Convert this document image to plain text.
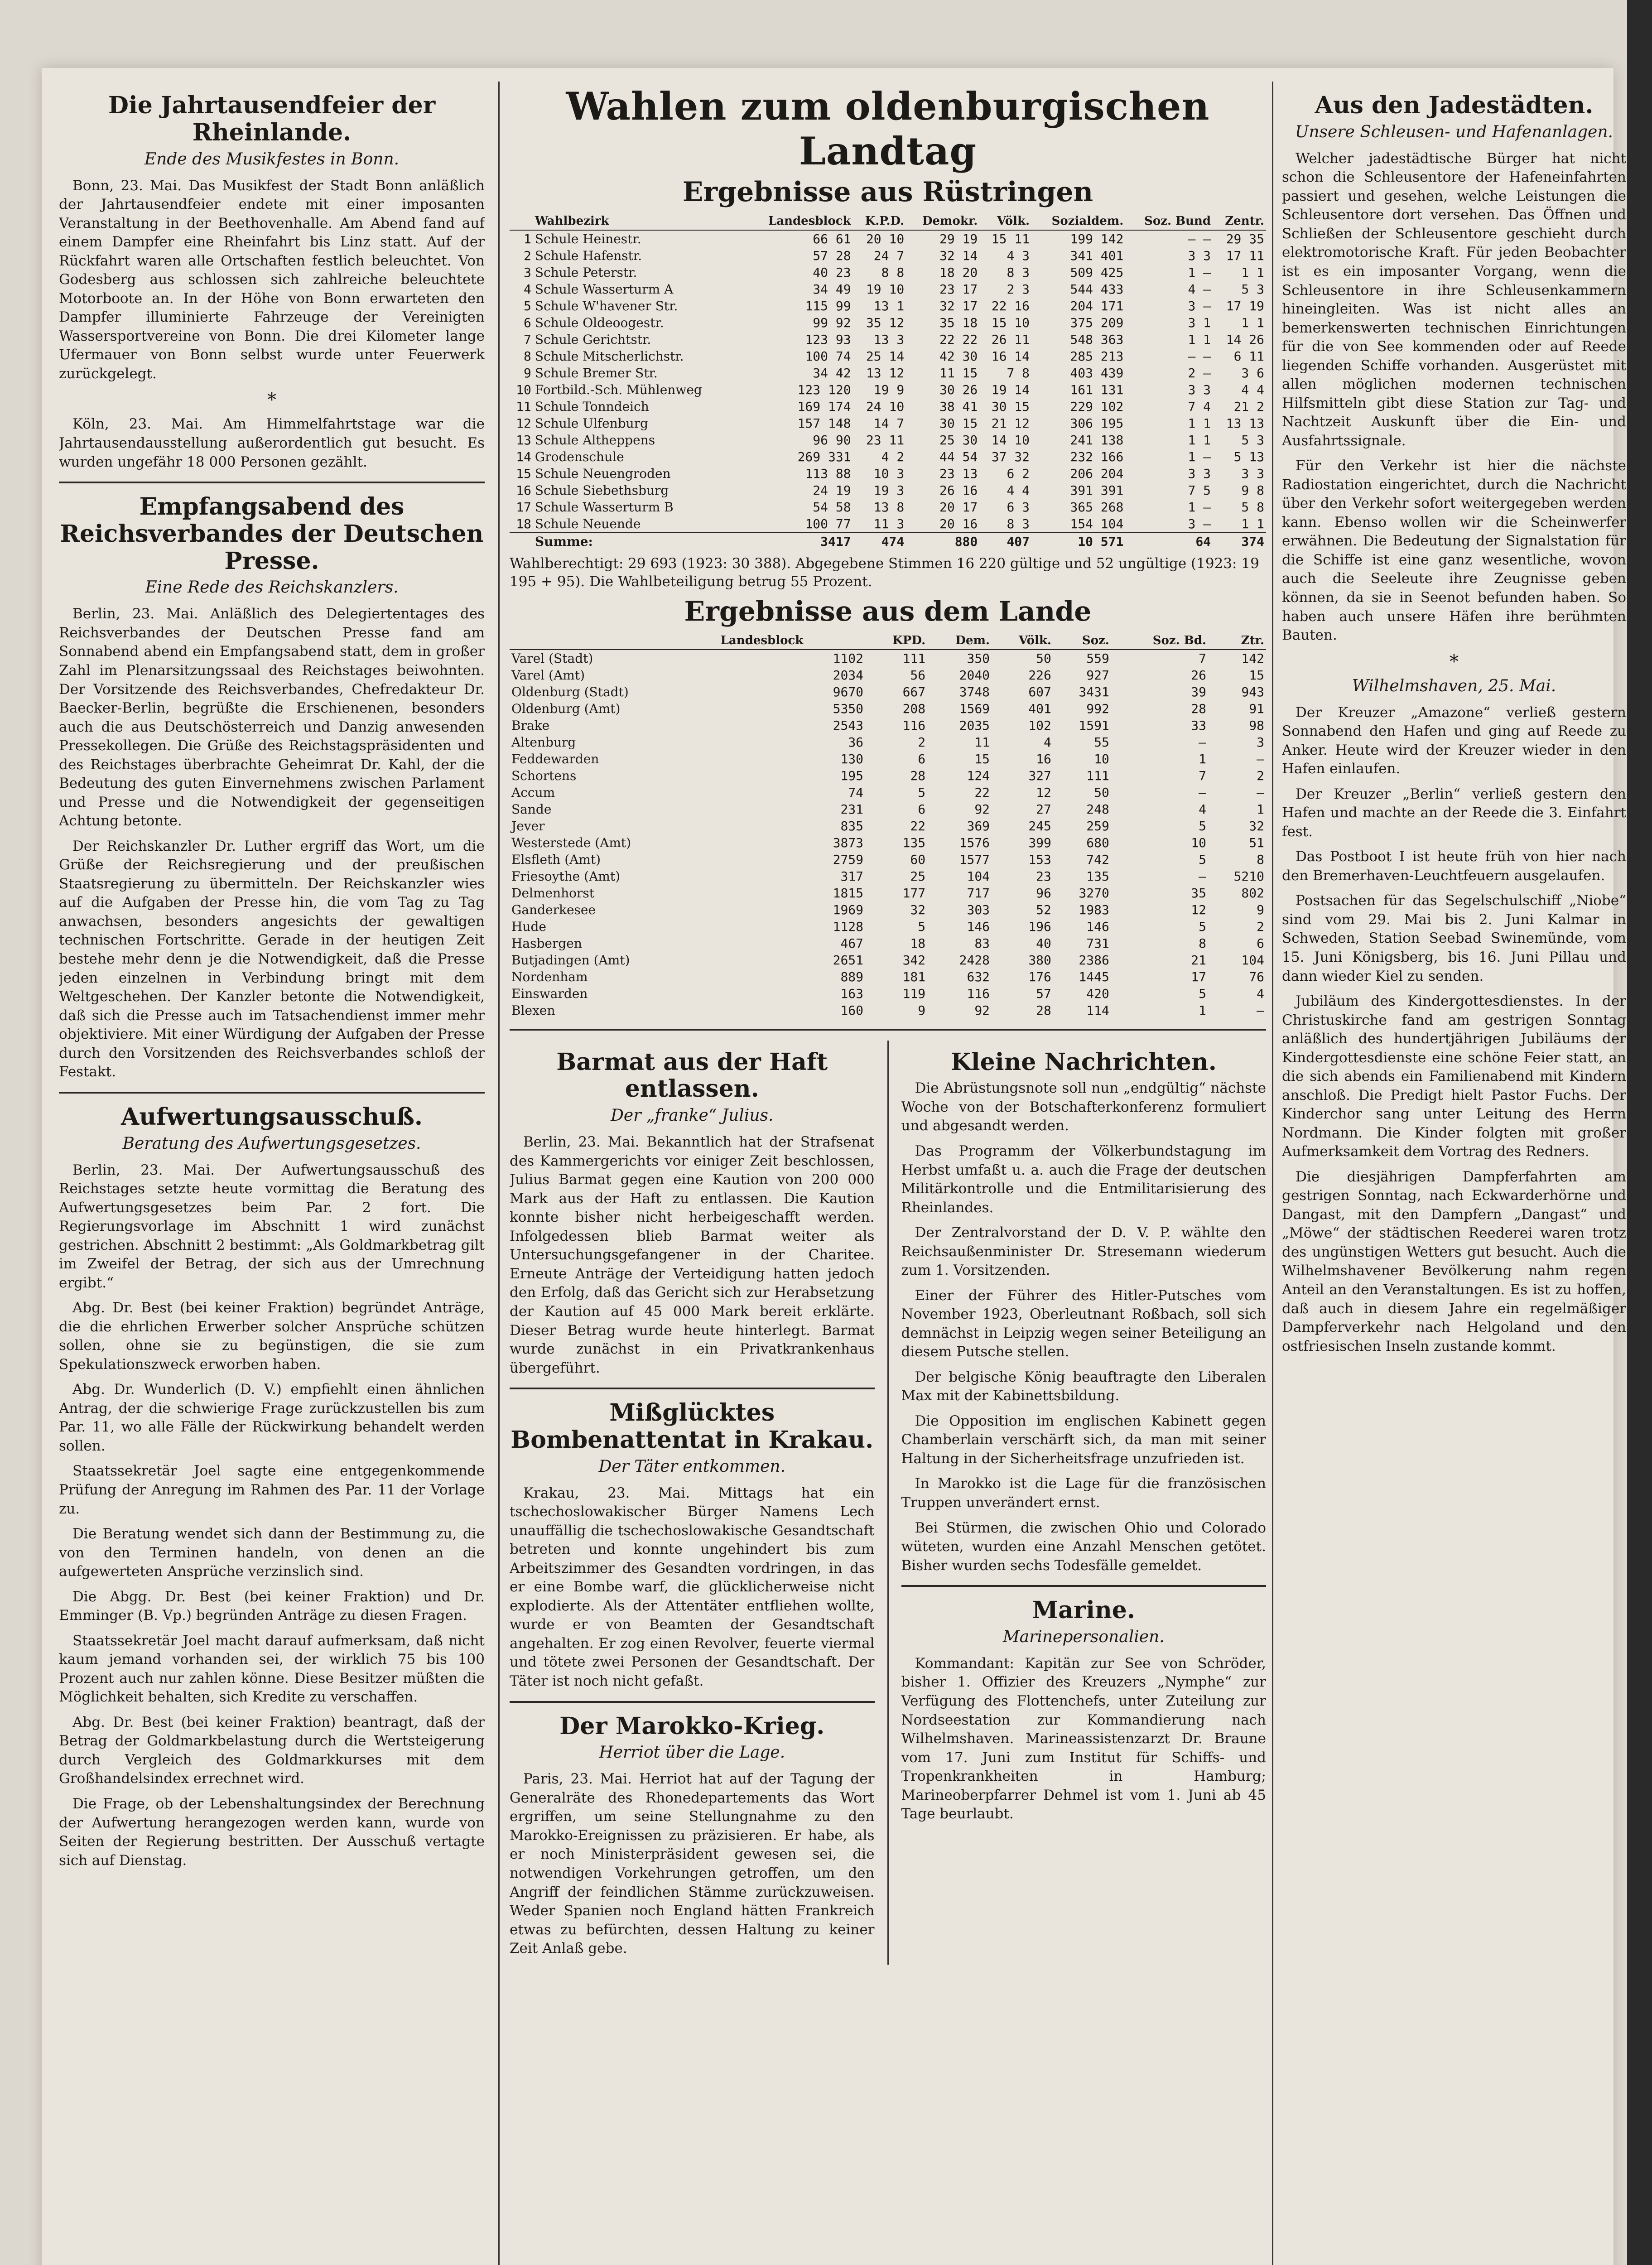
Die Jahrtausendfeier der Rheinlande.
Ende des Musikfestes in Bonn.

Bonn, 23. Mai. Das Musikfest der Stadt Bonn anläßlich der Jahrtausendfeier endete mit einer imposanten Veranstaltung in der Beethovenhalle. Am Abend fand auf einem Dampfer eine Rheinfahrt bis Linz statt. Auf der Rückfahrt waren alle Ortschaften festlich beleuchtet. Von Godesberg aus schlossen sich zahlreiche beleuchtete Motorboote an. In der Höhe von Bonn erwarteten den Dampfer illuminierte Fahrzeuge der Vereinigten Wassersportvereine von Bonn. Die drei Kilometer lange Ufermauer von Bonn selbst wurde unter Feuerwerk zurückgelegt.

*

Köln, 23. Mai. Am Himmelfahrtstage war die Jahrtausendausstellung außerordentlich gut besucht. Es wurden ungefähr 18 000 Personen gezählt.

Empfangsabend des Reichsverbandes der Deutschen Presse.
Eine Rede des Reichskanzlers.

Berlin, 23. Mai. Anläßlich des Delegiertentages des Reichsverbandes der Deutschen Presse fand am Sonnabend abend ein Empfangsabend statt, dem in großer Zahl im Plenarsitzungssaal des Reichstages beiwohnten. Der Vorsitzende des Reichsverbandes, Chefredakteur Dr. Baecker-Berlin, begrüßte die Erschienenen, besonders auch die aus Deutschösterreich und Danzig anwesenden Pressekollegen. Die Grüße des Reichstagspräsidenten und des Reichstages überbrachte Geheimrat Dr. Kahl, der die Bedeutung des guten Einvernehmens zwischen Parlament und Presse und die Notwendigkeit der gegenseitigen Achtung betonte.

Der Reichskanzler Dr. Luther ergriff das Wort, um die Grüße der Reichsregierung und der preußischen Staatsregierung zu übermitteln. Der Reichskanzler wies auf die Aufgaben der Presse hin, die vom Tag zu Tag anwachsen, besonders angesichts der gewaltigen technischen Fortschritte. Gerade in der heutigen Zeit bestehe mehr denn je die Notwendigkeit, daß die Presse jeden einzelnen in Verbindung bringt mit dem Weltgeschehen. Der Kanzler betonte die Notwendigkeit, daß sich die Presse auch im Tatsachendienst immer mehr objektiviere. Mit einer Würdigung der Aufgaben der Presse durch den Vorsitzenden des Reichsverbandes schloß der Festakt.

Aufwertungsausschuß.
Beratung des Aufwertungsgesetzes.

Berlin, 23. Mai. Der Aufwertungsausschuß des Reichstages setzte heute vormittag die Beratung des Aufwertungsgesetzes beim Par. 2 fort. Die Regierungsvorlage im Abschnitt 1 wird zunächst gestrichen. Abschnitt 2 bestimmt: „Als Goldmarkbetrag gilt im Zweifel der Betrag, der sich aus der Umrechnung ergibt.“

Abg. Dr. Best (bei keiner Fraktion) begründet Anträge, die die ehrlichen Erwerber solcher Ansprüche schützen sollen, ohne sie zu begünstigen, die sie zum Spekulationszweck erworben haben.

Abg. Dr. Wunderlich (D. V.) empfiehlt einen ähnlichen Antrag, der die schwierige Frage zurückzustellen bis zum Par. 11, wo alle Fälle der Rückwirkung behandelt werden sollen.

Staatssekretär Joel sagte eine entgegenkommende Prüfung der Anregung im Rahmen des Par. 11 der Vorlage zu.

Die Beratung wendet sich dann der Bestimmung zu, die von den Terminen handeln, von denen an die aufgewerteten Ansprüche verzinslich sind.

Die Abgg. Dr. Best (bei keiner Fraktion) und Dr. Emminger (B. Vp.) begründen Anträge zu diesen Fragen.

Staatssekretär Joel macht darauf aufmerksam, daß nicht kaum jemand vorhanden sei, der wirklich 75 bis 100 Prozent auch nur zahlen könne. Diese Besitzer müßten die Möglichkeit behalten, sich Kredite zu verschaffen.

Abg. Dr. Best (bei keiner Fraktion) beantragt, daß der Betrag der Goldmarkbelastung durch die Wertsteigerung durch Vergleich des Goldmarkkurses mit dem Großhandelsindex errechnet wird.

Die Frage, ob der Lebenshaltungsindex der Berechnung der Aufwertung herangezogen werden kann, wurde von Seiten der Regierung bestritten. Der Ausschuß vertagte sich auf Dienstag.

Wahlen zum oldenburgischen Landtag
Ergebnisse aus Rüstringen
	Wahlbezirk	Landesblock	K.P.D.	Demokr.	Völk.	Sozialdem.	Soz. Bund	Zentr.
1	Schule Heinestr.	66 61	20 10	29 19	15 11	199 142	— —	29 35
2	Schule Hafenstr.	57 28	24 7	32 14	4 3	341 401	3 3	17 11
3	Schule Peterstr.	40 23	8 8	18 20	8 3	509 425	1 —	1 1
4	Schule Wasserturm A	34 49	19 10	23 17	2 3	544 433	4 —	5 3
5	Schule W'havener Str.	115 99	13 1	32 17	22 16	204 171	3 —	17 19
6	Schule Oldeoogestr.	99 92	35 12	35 18	15 10	375 209	3 1	1 1
7	Schule Gerichtstr.	123 93	13 3	22 22	26 11	548 363	1 1	14 26
8	Schule Mitscherlichstr.	100 74	25 14	42 30	16 14	285 213	— —	6 11
9	Schule Bremer Str.	34 42	13 12	11 15	7 8	403 439	2 —	3 6
10	Fortbild.-Sch. Mühlenweg	123 120	19 9	30 26	19 14	161 131	3 3	4 4
11	Schule Tonndeich	169 174	24 10	38 41	30 15	229 102	7 4	21 2
12	Schule Ulfenburg	157 148	14 7	30 15	21 12	306 195	1 1	13 13
13	Schule Altheppens	96 90	23 11	25 30	14 10	241 138	1 1	5 3
14	Grodenschule	269 331	4 2	44 54	37 32	232 166	1 —	5 13
15	Schule Neuengroden	113 88	10 3	23 13	6 2	206 204	3 3	3 3
16	Schule Siebethsburg	24 19	19 3	26 16	4 4	391 391	7 5	9 8
17	Schule Wasserturm B	54 58	13 8	20 17	6 3	365 268	1 —	5 8
18	Schule Neuende	100 77	11 3	20 16	8 3	154 104	3 —	1 1
	Summe:	3417	474	880	407	10 571	64	374
Wahlberechtigt: 29 693 (1923: 30 388). Abgegebene Stimmen 16 220 gültige und 52 ungültige (1923: 19 195 + 95). Die Wahlbeteiligung betrug 55 Prozent.
Ergebnisse aus dem Lande
	Landesblock	KPD.	Dem.	Völk.	Soz.	Soz. Bd.	Ztr.
Varel (Stadt)	1102	111	350	50	559	7	142
Varel (Amt)	2034	56	2040	226	927	26	15
Oldenburg (Stadt)	9670	667	3748	607	3431	39	943
Oldenburg (Amt)	5350	208	1569	401	992	28	91
Brake	2543	116	2035	102	1591	33	98
Altenburg	36	2	11	4	55	—	3
Feddewarden	130	6	15	16	10	1	—
Schortens	195	28	124	327	111	7	2
Accum	74	5	22	12	50	—	—
Sande	231	6	92	27	248	4	1
Jever	835	22	369	245	259	5	32
Westerstede (Amt)	3873	135	1576	399	680	10	51
Elsfleth (Amt)	2759	60	1577	153	742	5	8
Friesoythe (Amt)	317	25	104	23	135	—	5210
Delmenhorst	1815	177	717	96	3270	35	802
Ganderkesee	1969	32	303	52	1983	12	9
Hude	1128	5	146	196	146	5	2
Hasbergen	467	18	83	40	731	8	6
Butjadingen (Amt)	2651	342	2428	380	2386	21	104
Nordenham	889	181	632	176	1445	17	76
Einswarden	163	119	116	57	420	5	4
Blexen	160	9	92	28	114	1	—
Barmat aus der Haft entlassen.
Der „franke“ Julius.

Berlin, 23. Mai. Bekanntlich hat der Strafsenat des Kammergerichts vor einiger Zeit beschlossen, Julius Barmat gegen eine Kaution von 200 000 Mark aus der Haft zu entlassen. Die Kaution konnte bisher nicht herbeigeschafft werden. Infolgedessen blieb Barmat weiter als Untersuchungsgefangener in der Charitee. Erneute Anträge der Verteidigung hatten jedoch den Erfolg, daß das Gericht sich zur Herabsetzung der Kaution auf 45 000 Mark bereit erklärte. Dieser Betrag wurde heute hinterlegt. Barmat wurde zunächst in ein Privatkrankenhaus übergeführt.

Mißglücktes Bombenattentat in Krakau.
Der Täter entkommen.

Krakau, 23. Mai. Mittags hat ein tschechoslowakischer Bürger Namens Lech unauffällig die tschechoslowakische Gesandtschaft betreten und konnte ungehindert bis zum Arbeitszimmer des Gesandten vordringen, in das er eine Bombe warf, die glücklicherweise nicht explodierte. Als der Attentäter entfliehen wollte, wurde er von Beamten der Gesandtschaft angehalten. Er zog einen Revolver, feuerte viermal und tötete zwei Personen der Gesandtschaft. Der Täter ist noch nicht gefaßt.

Der Marokko-Krieg.
Herriot über die Lage.

Paris, 23. Mai. Herriot hat auf der Tagung der Generalräte des Rhonedepartements das Wort ergriffen, um seine Stellungnahme zu den Marokko-Ereignissen zu präzisieren. Er habe, als er noch Ministerpräsident gewesen sei, die notwendigen Vorkehrungen getroffen, um den Angriff der feindlichen Stämme zurückzuweisen. Weder Spanien noch England hätten Frankreich etwas zu befürchten, dessen Haltung zu keiner Zeit Anlaß gebe.

Kleine Nachrichten.

Die Abrüstungsnote soll nun „endgültig“ nächste Woche von der Botschafterkonferenz formuliert und abgesandt werden.

Das Programm der Völkerbundstagung im Herbst umfaßt u. a. auch die Frage der deutschen Militärkontrolle und die Entmilitarisierung des Rheinlandes.

Der Zentralvorstand der D. V. P. wählte den Reichsaußenminister Dr. Stresemann wiederum zum 1. Vorsitzenden.

Einer der Führer des Hitler-Putsches vom November 1923, Oberleutnant Roßbach, soll sich demnächst in Leipzig wegen seiner Beteiligung an diesem Putsche stellen.

Der belgische König beauftragte den Liberalen Max mit der Kabinettsbildung.

Die Opposition im englischen Kabinett gegen Chamberlain verschärft sich, da man mit seiner Haltung in der Sicherheitsfrage unzufrieden ist.

In Marokko ist die Lage für die französischen Truppen unverändert ernst.

Bei Stürmen, die zwischen Ohio und Colorado wüteten, wurden eine Anzahl Menschen getötet. Bisher wurden sechs Todesfälle gemeldet.

Marine.
Marinepersonalien.

Kommandant: Kapitän zur See von Schröder, bisher 1. Offizier des Kreuzers „Nymphe“ zur Verfügung des Flottenchefs, unter Zuteilung zur Nordseestation zur Kommandierung nach Wilhelmshaven. Marineassistenzarzt Dr. Braune vom 17. Juni zum Institut für Schiffs- und Tropenkrankheiten in Hamburg; Marineoberpfarrer Dehmel ist vom 1. Juni ab 45 Tage beurlaubt.

Aus den Jadestädten.
Unsere Schleusen- und Hafenanlagen.

Welcher jadestädtische Bürger hat nicht schon die Schleusentore der Hafeneinfahrten passiert und gesehen, welche Leistungen die Schleusentore dort versehen. Das Öffnen und Schließen der Schleusentore geschieht durch elektromotorische Kraft. Für jeden Beobachter ist es ein imposanter Vorgang, wenn die Schleusentore in ihre Schleusenkammern hineingleiten. Was ist nicht alles an bemerkenswerten technischen Einrichtungen für die von See kommenden oder auf Reede liegenden Schiffe vorhanden. Ausgerüstet mit allen möglichen modernen technischen Hilfsmitteln gibt diese Station zur Tag- und Nachtzeit Auskunft über die Ein- und Ausfahrtssignale.

Für den Verkehr ist hier die nächste Radiostation eingerichtet, durch die Nachricht über den Verkehr sofort weitergegeben werden kann. Ebenso wollen wir die Scheinwerfer erwähnen. Die Bedeutung der Signalstation für die Schiffe ist eine ganz wesentliche, wovon auch die Seeleute ihre Zeugnisse geben können, da sie in Seenot befunden haben. So haben auch unsere Häfen ihre berühmten Bauten.

*
Wilhelmshaven, 25. Mai.

Der Kreuzer „Amazone“ verließ gestern Sonnabend den Hafen und ging auf Reede zu Anker. Heute wird der Kreuzer wieder in den Hafen einlaufen.

Der Kreuzer „Berlin“ verließ gestern den Hafen und machte an der Reede die 3. Einfahrt fest.

Das Postboot I ist heute früh von hier nach den Bremerhaven-Leuchtfeuern ausgelaufen.

Postsachen für das Segelschulschiff „Niobe“ sind vom 29. Mai bis 2. Juni Kalmar in Schweden, Station Seebad Swinemünde, vom 15. Juni Königsberg, bis 16. Juni Pillau und dann wieder Kiel zu senden.

Jubiläum des Kindergottesdienstes. In der Christuskirche fand am gestrigen Sonntag anläßlich des hundertjährigen Jubiläums der Kindergottesdienste eine schöne Feier statt, an die sich abends ein Familienabend mit Kindern anschloß. Die Predigt hielt Pastor Fuchs. Der Kinderchor sang unter Leitung des Herrn Nordmann. Die Kinder folgten mit großer Aufmerksamkeit dem Vortrag des Redners.

Die diesjährigen Dampferfahrten am gestrigen Sonntag, nach Eckwarderhörne und Dangast, mit den Dampfern „Dangast“ und „Möwe“ der städtischen Reederei waren trotz des ungünstigen Wetters gut besucht. Auch die Wilhelmshavener Bevölkerung nahm regen Anteil an den Veranstaltungen. Es ist zu hoffen, daß auch in diesem Jahre ein regelmäßiger Dampferverkehr nach Helgoland und den ostfriesischen Inseln zustande kommt.
